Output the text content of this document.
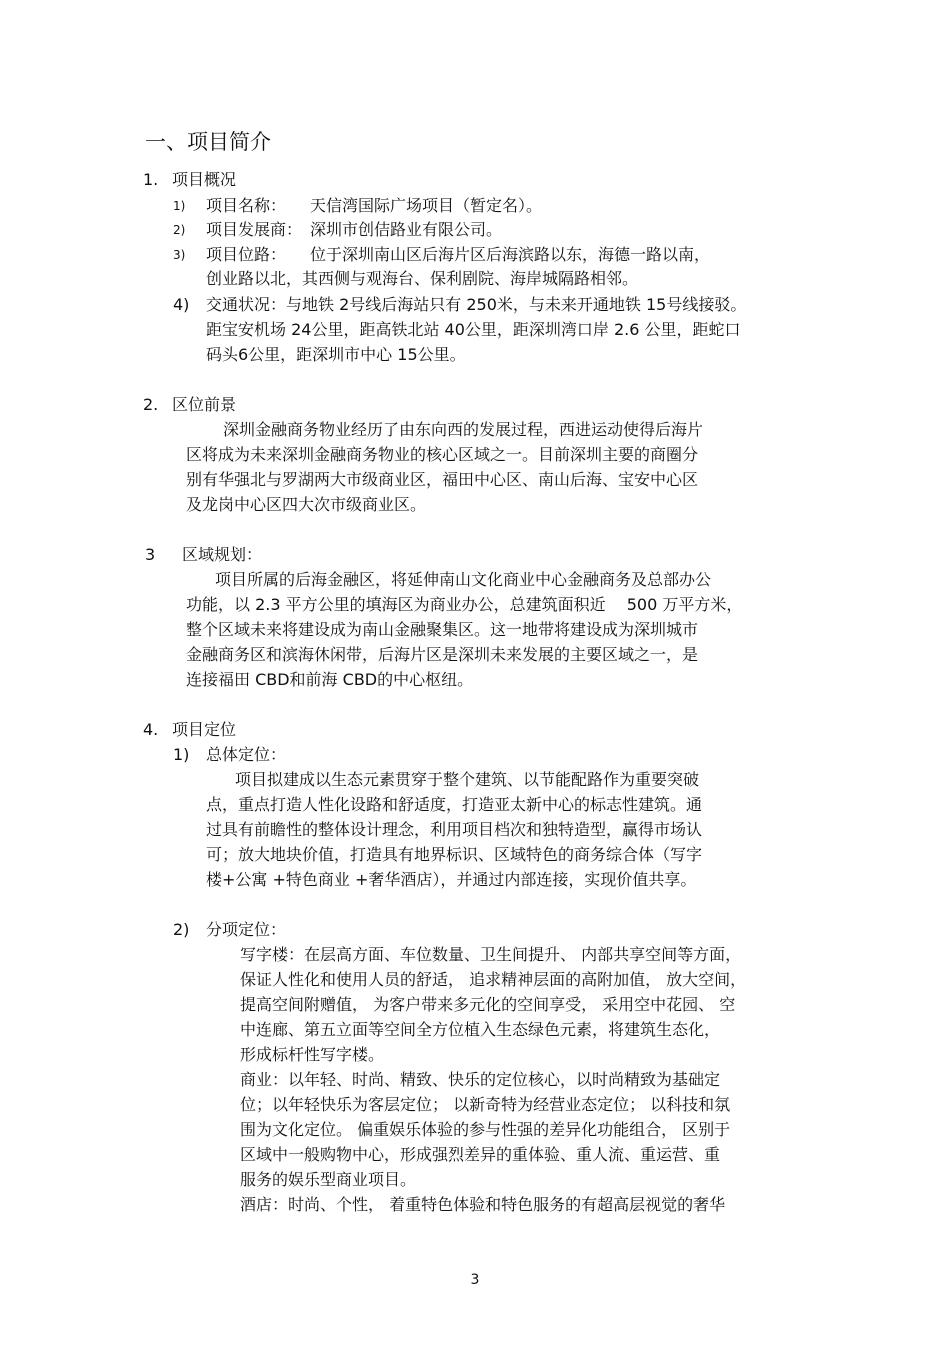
一、项目简介
1. 项目概况
1) 项目名称：　　天信湾国际广场项目（暂定名）。
2) 项目发展商：　深圳市创佶路业有限公司。
3) 项目位路：　　位于深圳南山区后海片区后海滨路以东，海德一路以南，
创业路以北，其西侧与观海台、保利剧院、海岸城隔路相邻。
4) 交通状况：与地铁 2号线后海站只有 250米，与未来开通地铁 15号线接驳。
距宝安机场 24公里，距高铁北站 40公里，距深圳湾口岸 2.6 公里，距蛇口
码头6公里，距深圳市中心 15公里。
2. 区位前景
深圳金融商务物业经历了由东向西的发展过程，西进运动使得后海片
区将成为未来深圳金融商务物业的核心区域之一。目前深圳主要的商圈分
别有华强北与罗湖两大市级商业区，福田中心区、南山后海、宝安中心区
及龙岗中心区四大次市级商业区。
3 区域规划：
项目所属的后海金融区，将延伸南山文化商业中心金融商务及总部办公
功能，以 2.3 平方公里的填海区为商业办公，总建筑面积近　 500 万平方米，
整个区域未来将建设成为南山金融聚集区。这一地带将建设成为深圳城市
金融商务区和滨海休闲带，后海片区是深圳未来发展的主要区域之一，是
连接福田 CBD和前海 CBD的中心枢纽。
4. 项目定位
1) 总体定位：
项目拟建成以生态元素贯穿于整个建筑、以节能配路作为重要突破
点，重点打造人性化设路和舒适度，打造亚太新中心的标志性建筑。通
过具有前瞻性的整体设计理念，利用项目档次和独特造型，赢得市场认
可；放大地块价值，打造具有地界标识、区域特色的商务综合体（写字
楼+公寓 +特色商业 +奢华酒店），并通过内部连接，实现价值共享。
2) 分项定位：
写字楼：在层高方面、车位数量、卫生间提升、 内部共享空间等方面，
保证人性化和使用人员的舒适， 追求精神层面的高附加值， 放大空间，
提高空间附赠值， 为客户带来多元化的空间享受， 采用空中花园、 空
中连廊、第五立面等空间全方位植入生态绿色元素，将建筑生态化，
形成标杆性写字楼。
商业：以年轻、时尚、精致、快乐的定位核心，以时尚精致为基础定
位；以年轻快乐为客层定位； 以新奇特为经营业态定位； 以科技和氛
围为文化定位。 偏重娱乐体验的参与性强的差异化功能组合， 区别于
区域中一般购物中心，形成强烈差异的重体验、重人流、重运营、重
服务的娱乐型商业项目。
酒店：时尚、个性， 着重特色体验和特色服务的有超高层视觉的奢华
3
